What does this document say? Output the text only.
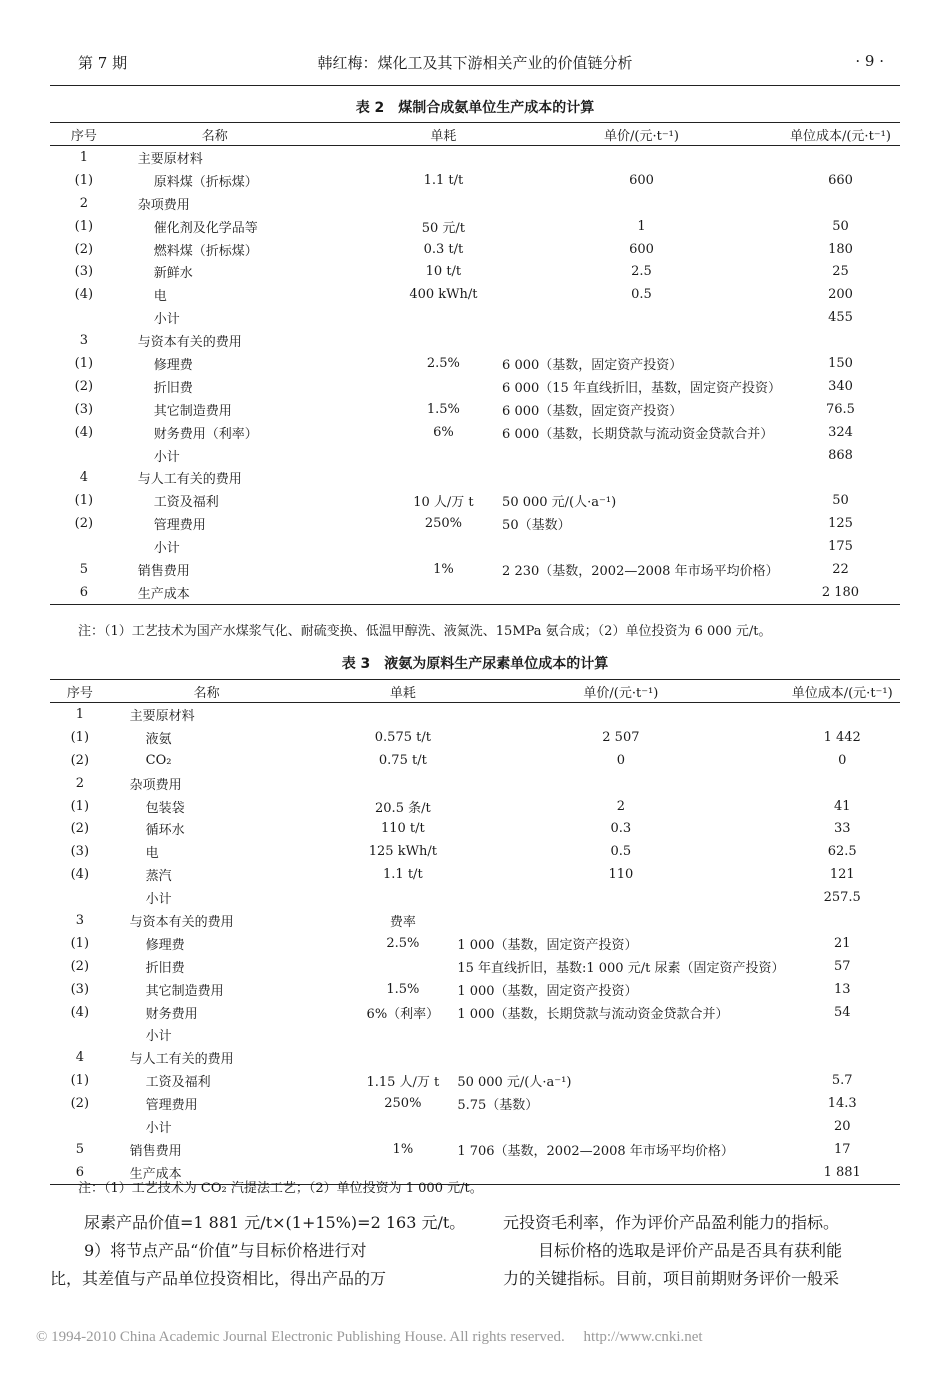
第 7 期	韩红梅：煤化工及其下游相关产业的价值链分析	· 9 ·
表 2　煤制合成氨单位生产成本的计算
序号	名称	单耗	单价/(元·t⁻¹)	单位成本/(元·t⁻¹)
1	主要原材料			
(1)	原料煤（折标煤）	1.1 t/t	600	660
2	杂项费用			
(1)	催化剂及化学品等	50 元/t	1	50
(2)	燃料煤（折标煤）	0.3 t/t	600	180
(3)	新鲜水	10 t/t	2.5	25
(4)	电	400 kWh/t	0.5	200
	小计			455
3	与资本有关的费用			
(1)	修理费	2.5%	6 000（基数，固定资产投资）	150
(2)	折旧费		6 000（15 年直线折旧，基数，固定资产投资）	340
(3)	其它制造费用	1.5%	6 000（基数，固定资产投资）	76.5
(4)	财务费用（利率）	6%	6 000（基数，长期贷款与流动资金贷款合并）	324
	小计			868
4	与人工有关的费用			
(1)	工资及福利	10 人/万 t	50 000 元/(人·a⁻¹)	50
(2)	管理费用	250%	50（基数）	125
	小计			175
5	销售费用	1%	2 230（基数，2002—2008 年市场平均价格）	22
6	生产成本			2 180
注：（1）工艺技术为国产水煤浆气化、耐硫变换、低温甲醇洗、液氮洗、15MPa 氨合成；（2）单位投资为 6 000 元/t。
表 3　液氨为原料生产尿素单位成本的计算
序号	名称	单耗	单价/(元·t⁻¹)	单位成本/(元·t⁻¹)
1	主要原材料			
(1)	液氨	0.575 t/t	2 507	1 442
(2)	CO₂	0.75 t/t	0	0
2	杂项费用			
(1)	包装袋	20.5 条/t	2	41
(2)	循环水	110 t/t	0.3	33
(3)	电	125 kWh/t	0.5	62.5
(4)	蒸汽	1.1 t/t	110	121
	小计			257.5
3	与资本有关的费用	费率		
(1)	修理费	2.5%	1 000（基数，固定资产投资）	21
(2)	折旧费		15 年直线折旧，基数:1 000 元/t 尿素（固定资产投资）	57
(3)	其它制造费用	1.5%	1 000（基数，固定资产投资）	13
(4)	财务费用	6%（利率）	1 000（基数，长期贷款与流动资金贷款合并）	54
	小计			
4	与人工有关的费用			
(1)	工资及福利	1.15 人/万 t	50 000 元/(人·a⁻¹)	5.7
(2)	管理费用	250%	5.75（基数）	14.3
	小计			20
5	销售费用	1%	1 706（基数，2002—2008 年市场平均价格）	17
6	生产成本			1 881
注：（1）工艺技术为 CO₂ 汽提法工艺；（2）单位投资为 1 000 元/t。
尿素产品价值=1 881 元/t×(1+15%)=2 163 元/t。
9）将节点产品“价值”与目标价格进行对
比，其差值与产品单位投资相比，得出产品的万
元投资毛利率，作为评价产品盈利能力的指标。
目标价格的选取是评价产品是否具有获利能
力的关键指标。目前，项目前期财务评价一般采
© 1994-2010 China Academic Journal Electronic Publishing House. All rights reserved.　 http://www.cnki.net
